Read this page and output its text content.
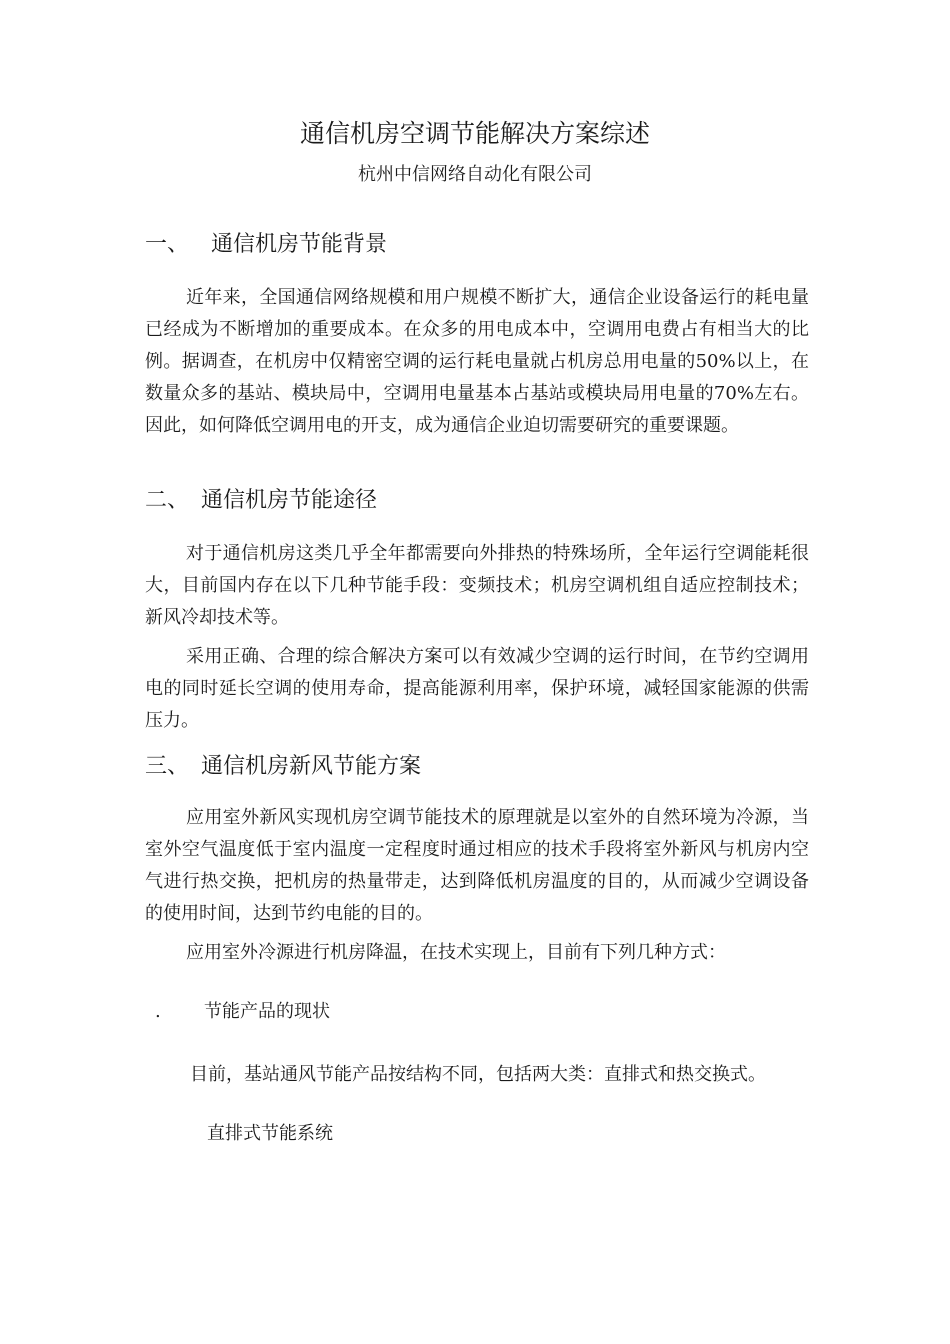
通信机房空调节能解决方案综述
杭州中信网络自动化有限公司
一、 通信机房节能背景

近年来，全国通信网络规模和用户规模不断扩大，通信企业设备运行的耗电量已经成为不断增加的重要成本。在众多的用电成本中，空调用电费占有相当大的比例。据调查，在机房中仅精密空调的运行耗电量就占机房总用电量的50%以上，在数量众多的基站、模块局中，空调用电量基本占基站或模块局用电量的70%左右。因此，如何降低空调用电的开支，成为通信企业迫切需要研究的重要课题。

二、 通信机房节能途径

对于通信机房这类几乎全年都需要向外排热的特殊场所，全年运行空调能耗很大，目前国内存在以下几种节能手段：变频技术；机房空调机组自适应控制技术；新风冷却技术等。

采用正确、合理的综合解决方案可以有效减少空调的运行时间，在节约空调用电的同时延长空调的使用寿命，提高能源利用率，保护环境，减轻国家能源的供需压力。

三、 通信机房新风节能方案

应用室外新风实现机房空调节能技术的原理就是以室外的自然环境为冷源，当室外空气温度低于室内温度一定程度时通过相应的技术手段将室外新风与机房内空气进行热交换，把机房的热量带走，达到降低机房温度的目的，从而减少空调设备的使用时间，达到节约电能的目的。

应用室外冷源进行机房降温，在技术实现上，目前有下列几种方式：

. 节能产品的现状
目前，基站通风节能产品按结构不同，包括两大类：直排式和热交换式。
直排式节能系统
